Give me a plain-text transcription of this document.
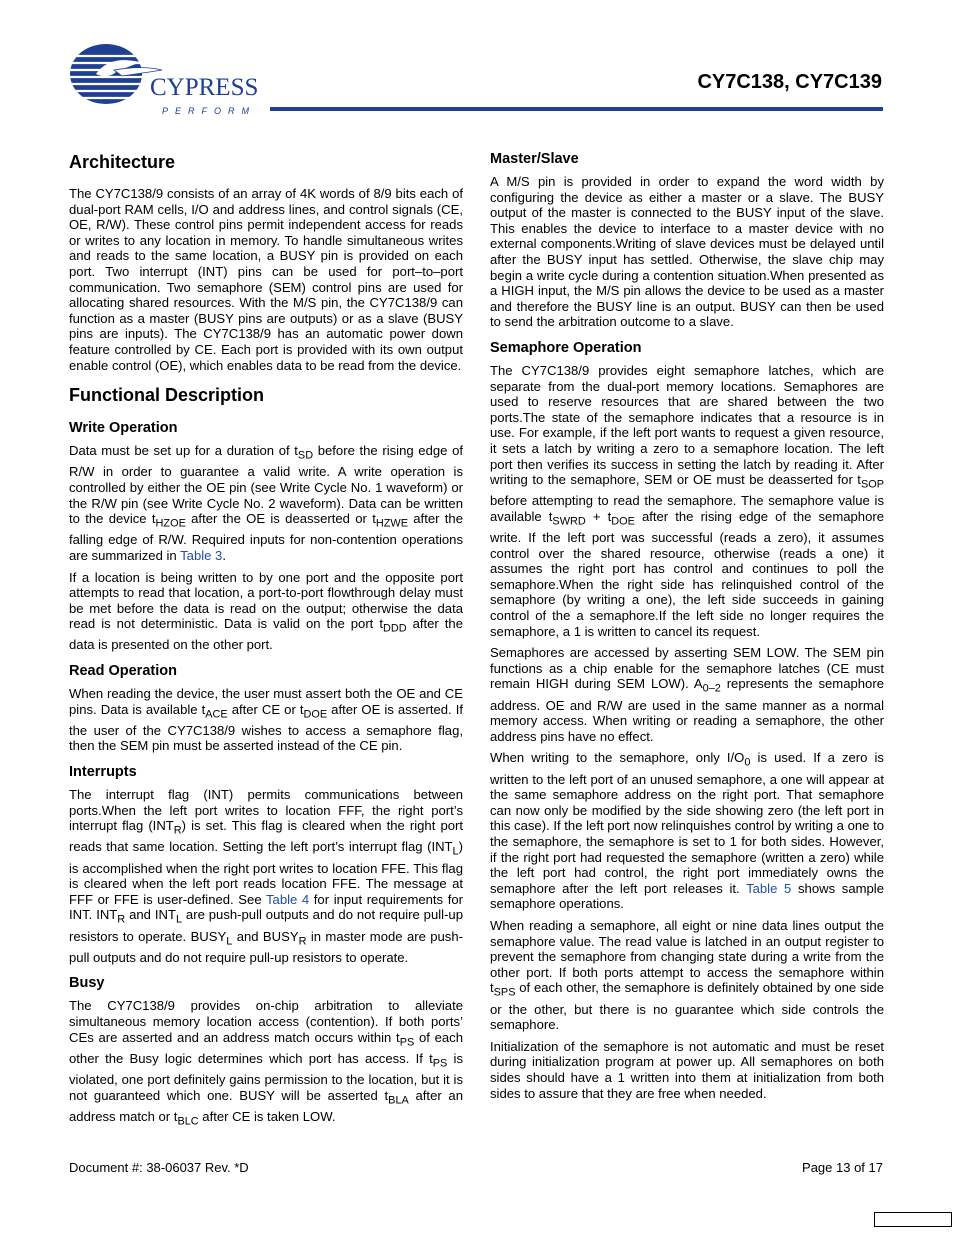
CYPRESS
PERFORM
CY7C138, CY7C139
Architecture

The CY7C138/9 consists of an array of 4K words of 8/9 bits each of dual-port RAM cells, I/O and address lines, and control signals (CE, OE, R/W). These control pins permit independent access for reads or writes to any location in memory. To handle simultaneous writes and reads to the same location, a BUSY pin is provided on each port. Two interrupt (INT) pins can be used for port–to–port communication. Two semaphore (SEM) control pins are used for allocating shared resources. With the M/S pin, the CY7C138/9 can function as a master (BUSY pins are outputs) or as a slave (BUSY pins are inputs). The CY7C138/9 has an automatic power down feature controlled by CE. Each port is provided with its own output enable control (OE), which enables data to be read from the device.

Functional Description
Write Operation

Data must be set up for a duration of $t_{SD}$ before the rising edge of R/W in order to guarantee a valid write. A write operation is controlled by either the OE pin (see Write Cycle No. 1 waveform) or the R/W pin (see Write Cycle No. 2 waveform). Data can be written to the device $t_{HZOE}$ after the OE is deasserted or $t_{HZWE}$ after the falling edge of R/W. Required inputs for non-contention operations are summarized in Table 3.

If a location is being written to by one port and the opposite port attempts to read that location, a port-to-port flowthrough delay must be met before the data is read on the output; otherwise the data read is not deterministic. Data is valid on the port $t_{DDD}$ after the data is presented on the other port.

Read Operation

When reading the device, the user must assert both the OE and CE pins. Data is available $t_{ACE}$ after CE or $t_{DOE}$ after OE is asserted. If the user of the CY7C138/9 wishes to access a semaphore flag, then the SEM pin must be asserted instead of the CE pin.

Interrupts

The interrupt flag (INT) permits communications between ports.When the left port writes to location FFF, the right port’s interrupt flag $(INT_R)$ is set. This flag is cleared when the right port reads that same location. Setting the left port’s interrupt flag $(INT_L)$ is accomplished when the right port writes to location FFE. This flag is cleared when the left port reads location FFE. The message at FFF or FFE is user-defined. See Table 4 for input requirements for INT. $INT_R$ and $INT_L$ are push-pull outputs and do not require pull-up resistors to operate. $BUSY_L$ and $BUSY_R$ in master mode are push-pull outputs and do not require pull-up resistors to operate.

Busy

The CY7C138/9 provides on-chip arbitration to alleviate simultaneous memory location access (contention). If both ports’ CEs are asserted and an address match occurs within $t_{PS}$ of each other the Busy logic determines which port has access. If $t_{PS}$ is violated, one port definitely gains permission to the location, but it is not guaranteed which one. BUSY will be asserted $t_{BLA}$ after an address match or $t_{BLC}$ after CE is taken LOW.

Master/Slave

A M/S pin is provided in order to expand the word width by configuring the device as either a master or a slave. The BUSY output of the master is connected to the BUSY input of the slave. This enables the device to interface to a master device with no external components.Writing of slave devices must be delayed until after the BUSY input has settled. Otherwise, the slave chip may begin a write cycle during a contention situation.When presented as a HIGH input, the M/S pin allows the device to be used as a master and therefore the BUSY line is an output. BUSY can then be used to send the arbitration outcome to a slave.

Semaphore Operation

The CY7C138/9 provides eight semaphore latches, which are separate from the dual-port memory locations. Semaphores are used to reserve resources that are shared between the two ports.The state of the semaphore indicates that a resource is in use. For example, if the left port wants to request a given resource, it sets a latch by writing a zero to a semaphore location. The left port then verifies its success in setting the latch by reading it. After writing to the semaphore, SEM or OE must be deasserted for $t_{SOP}$ before attempting to read the semaphore. The semaphore value is available $t_{SWRD} + t_{DOE}$ after the rising edge of the semaphore write. If the left port was successful (reads a zero), it assumes control over the shared resource, otherwise (reads a one) it assumes the right port has control and continues to poll the semaphore.When the right side has relinquished control of the semaphore (by writing a one), the left side succeeds in gaining control of the a semaphore.If the left side no longer requires the semaphore, a 1 is written to cancel its request.

Semaphores are accessed by asserting SEM LOW. The SEM pin functions as a chip enable for the semaphore latches (CE must remain HIGH during SEM LOW). $A_{0-2}$ represents the semaphore address. OE and R/W are used in the same manner as a normal memory access. When writing or reading a semaphore, the other address pins have no effect.

When writing to the semaphore, only $I/O_0$ is used. If a zero is written to the left port of an unused semaphore, a one will appear at the same semaphore address on the right port. That semaphore can now only be modified by the side showing zero (the left port in this case). If the left port now relinquishes control by writing a one to the semaphore, the semaphore is set to 1 for both sides. However, if the right port had requested the semaphore (written a zero) while the left port had control, the right port immediately owns the semaphore after the left port releases it. Table 5 shows sample semaphore operations.

When reading a semaphore, all eight or nine data lines output the semaphore value. The read value is latched in an output register to prevent the semaphore from changing state during a write from the other port. If both ports attempt to access the semaphore within $t_{SPS}$ of each other, the semaphore is definitely obtained by one side or the other, but there is no guarantee which side controls the semaphore.

Initialization of the semaphore is not automatic and must be reset during initialization program at power up. All semaphores on both sides should have a 1 written into them at initialization from both sides to assure that they are free when needed.

Document #: 38-06037 Rev. *D	Page 13 of 17
